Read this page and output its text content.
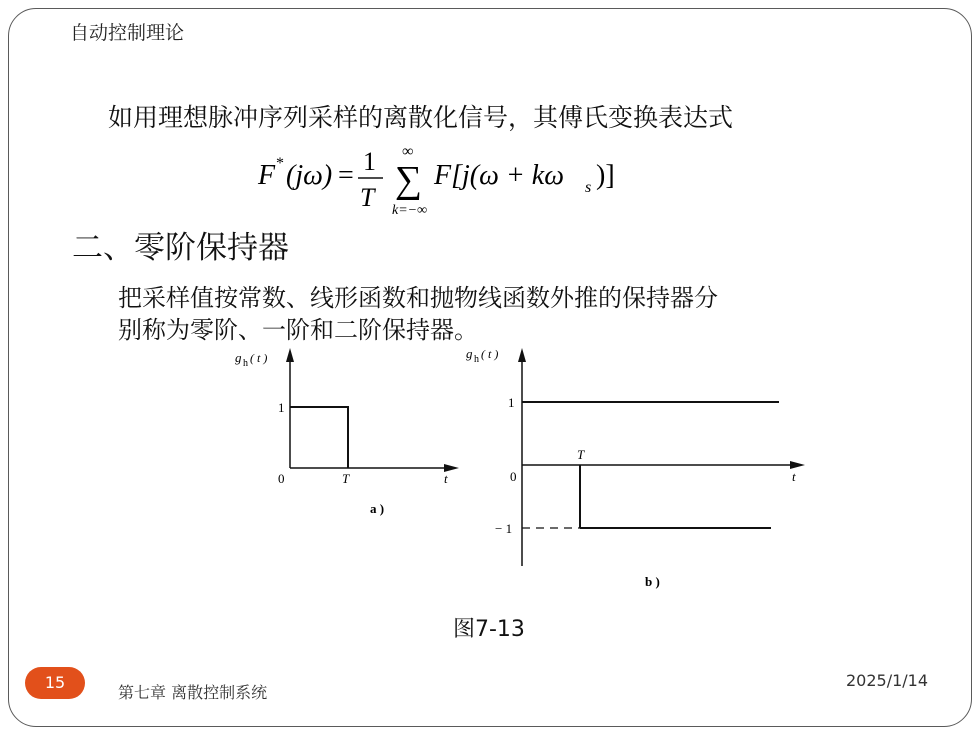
自动控制理论
如用理想脉冲序列采样的离散化信号，其傅氏变换表达式
F * (jω) = 1
T
∞
∑
k=−∞
F[j(ω + kω s )]
二、零阶保持器
把采样值按常数、线形函数和抛物线函数外推的保持器分
别称为零阶、一阶和二阶保持器。
g h ( t )
1
0	T	t
a )
g h ( t )
1
0
T
− 1
t
b )
图7-13
15
第七章 离散控制系统
2025/1/14
